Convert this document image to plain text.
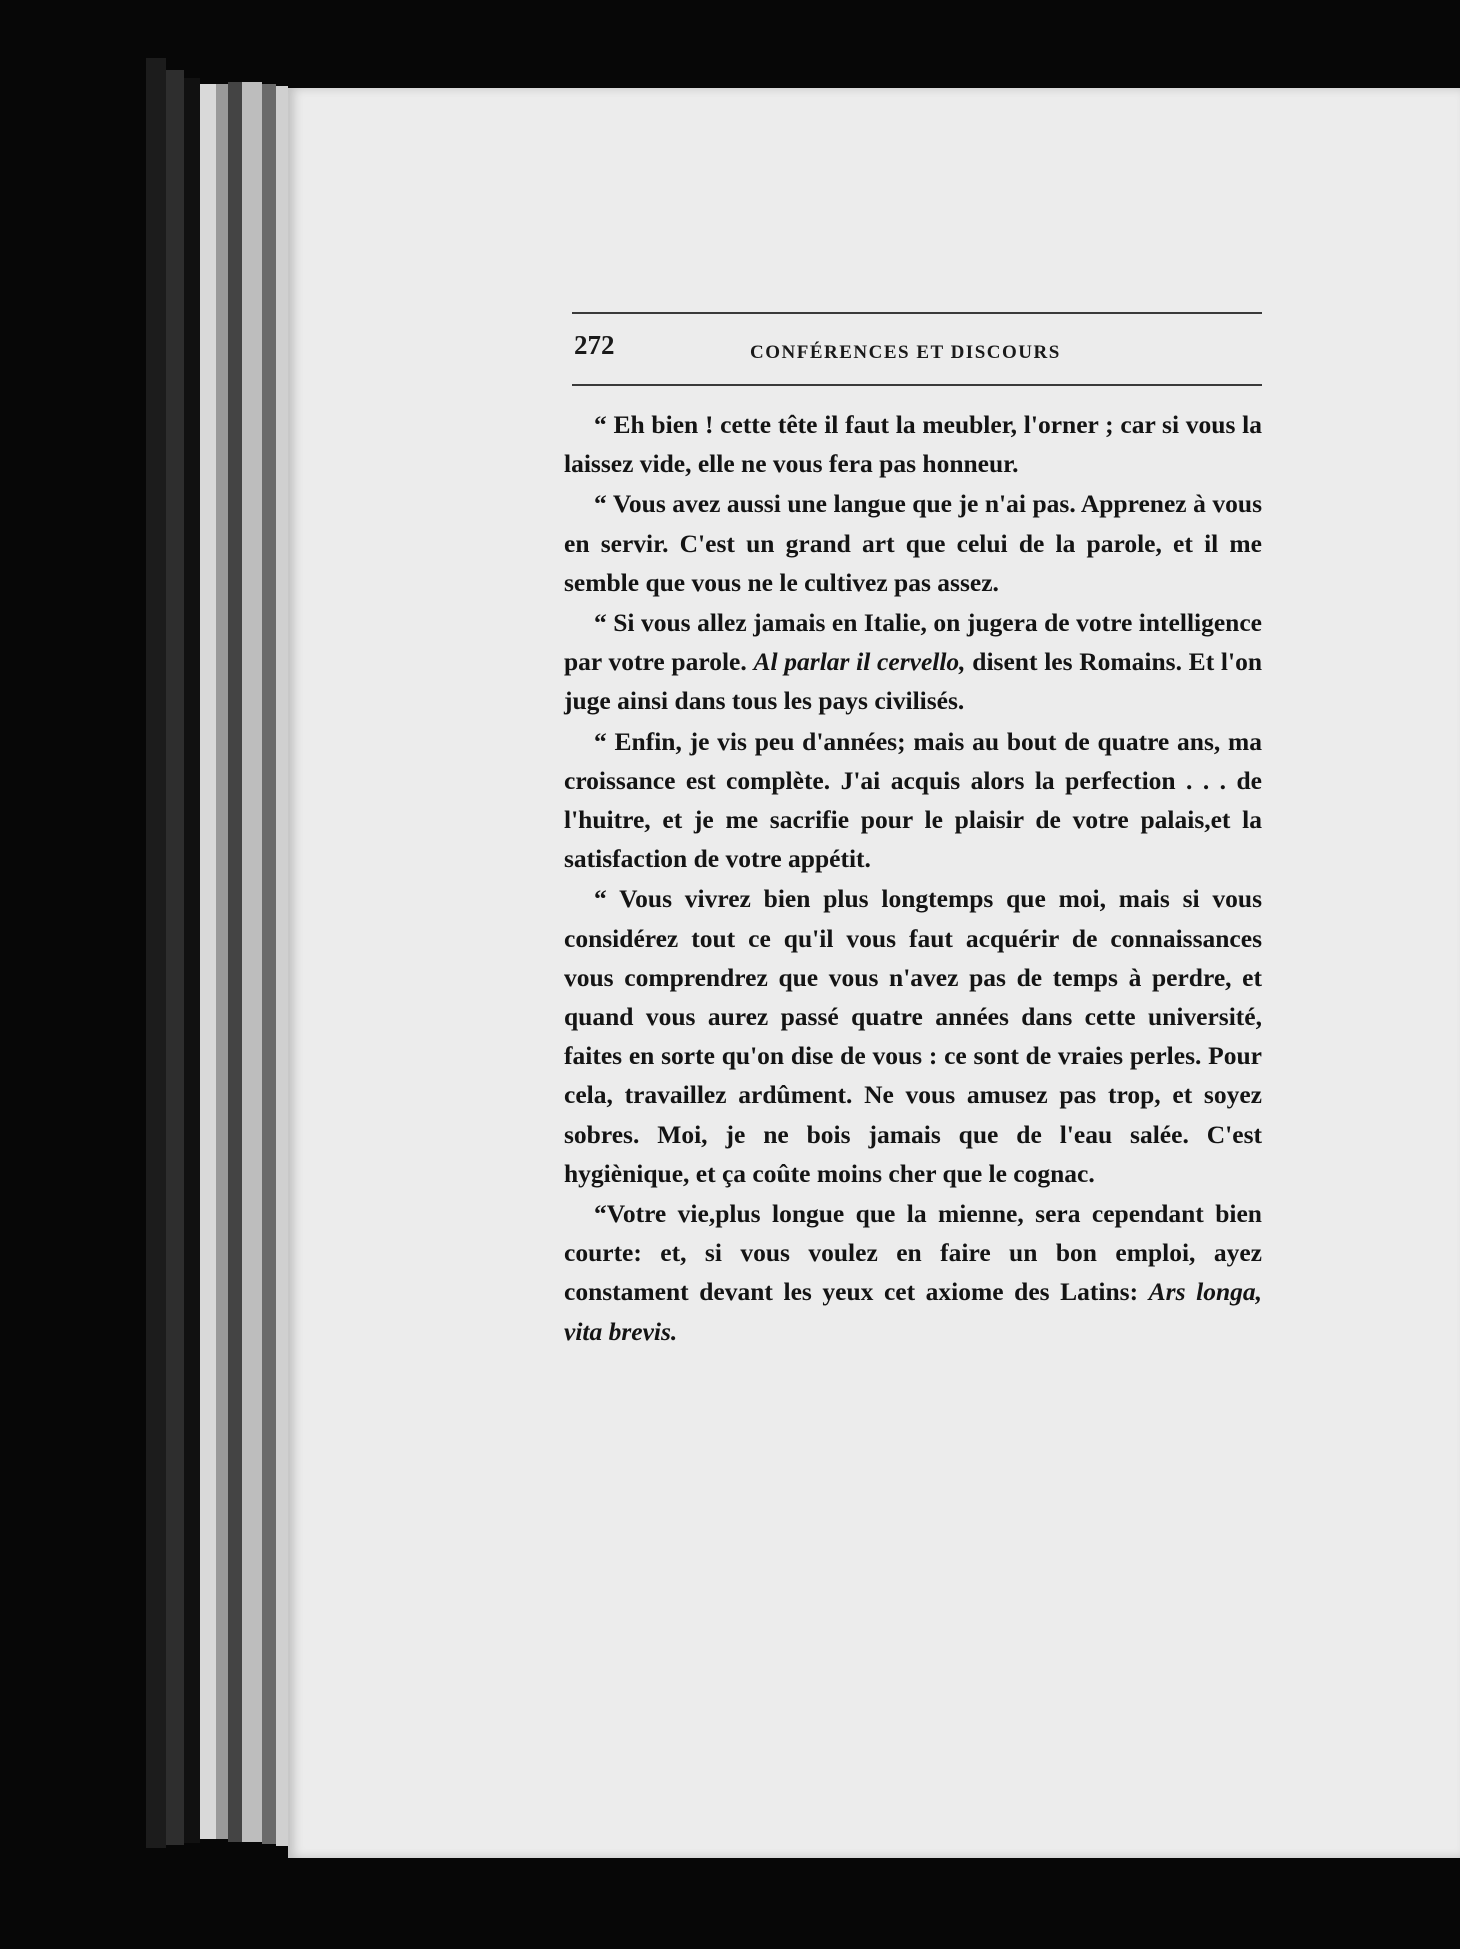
272	CONFÉRENCES ET DISCOURS

“ Eh bien ! cette tête il faut la meubler, l'orner ; car si vous la laissez vide, elle ne vous fera pas honneur.

“ Vous avez aussi une langue que je n'ai pas. Apprenez à vous en servir. C'est un grand art que celui de la parole, et il me semble que vous ne le cultivez pas assez.

“ Si vous allez jamais en Italie, on jugera de votre intelligence par votre parole. Al parlar il cervello, disent les Romains. Et l'on juge ainsi dans tous les pays civilisés.

“ Enfin, je vis peu d'années; mais au bout de quatre ans, ma croissance est complète. J'ai acquis alors la perfection . . . de l'huitre, et je me sacrifie pour le plaisir de votre palais,et la satisfaction de votre appétit.

“ Vous vivrez bien plus longtemps que moi, mais si vous considérez tout ce qu'il vous faut acquérir de connaissances vous comprendrez que vous n'avez pas de temps à perdre, et quand vous aurez passé quatre années dans cette université, faites en sorte qu'on dise de vous : ce sont de vraies perles. Pour cela, travaillez ardûment. Ne vous amusez pas trop, et soyez sobres. Moi, je ne bois jamais que de l'eau salée. C'est hygiènique, et ça coûte moins cher que le cognac.

“Votre vie,plus longue que la mienne, sera cependant bien courte: et, si vous voulez en faire un bon emploi, ayez constament devant les yeux cet axiome des Latins: Ars longa, vita brevis.
